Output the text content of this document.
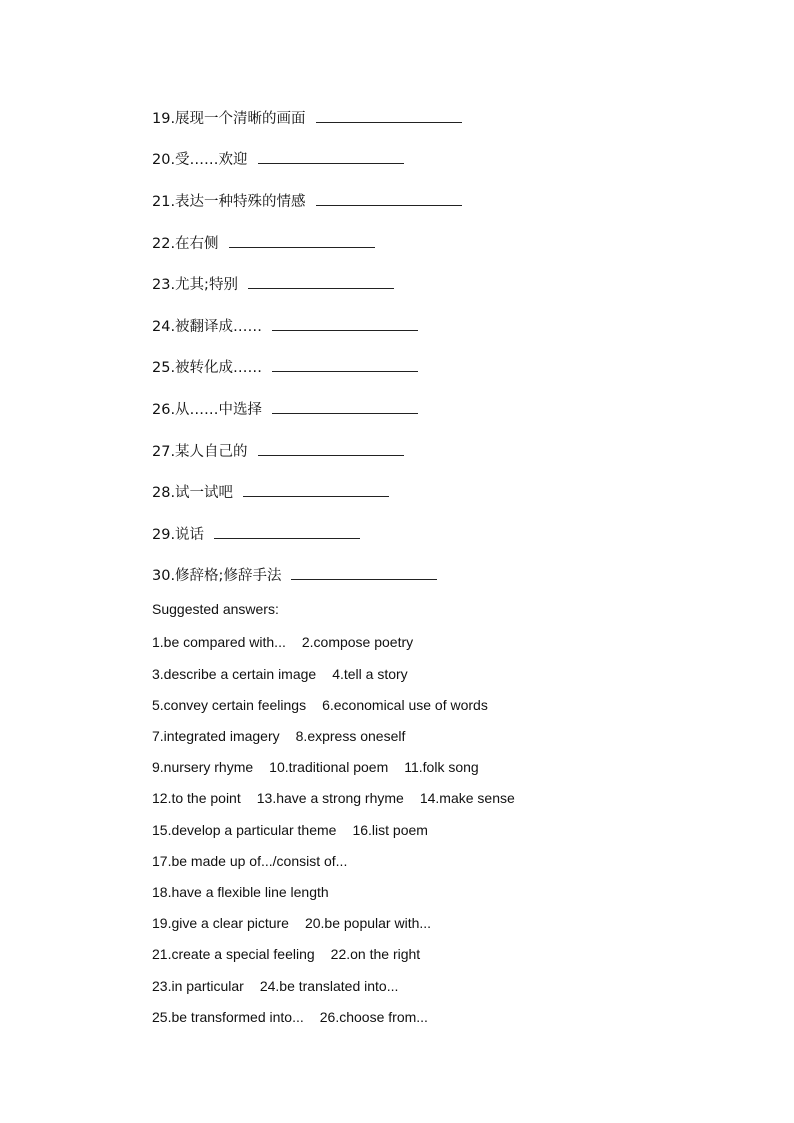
19.展现一个清晰的画面
20.受……欢迎
21.表达一种特殊的情感
22.在右侧
23.尤其;特别
24.被翻译成……
25.被转化成……
26.从……中选择
27.某人自己的
28.试一试吧
29.说话
30.修辞格;修辞手法
Suggested answers:
1.be compared with... 2.compose poetry
3.describe a certain image 4.tell a story
5.convey certain feelings 6.economical use of words
7.integrated imagery 8.express oneself
9.nursery rhyme 10.traditional poem 11.folk song
12.to the point 13.have a strong rhyme 14.make sense
15.develop a particular theme 16.list poem
17.be made up of.../consist of...
18.have a flexible line length
19.give a clear picture 20.be popular with...
21.create a special feeling 22.on the right
23.in particular 24.be translated into...
25.be transformed into... 26.choose from...
